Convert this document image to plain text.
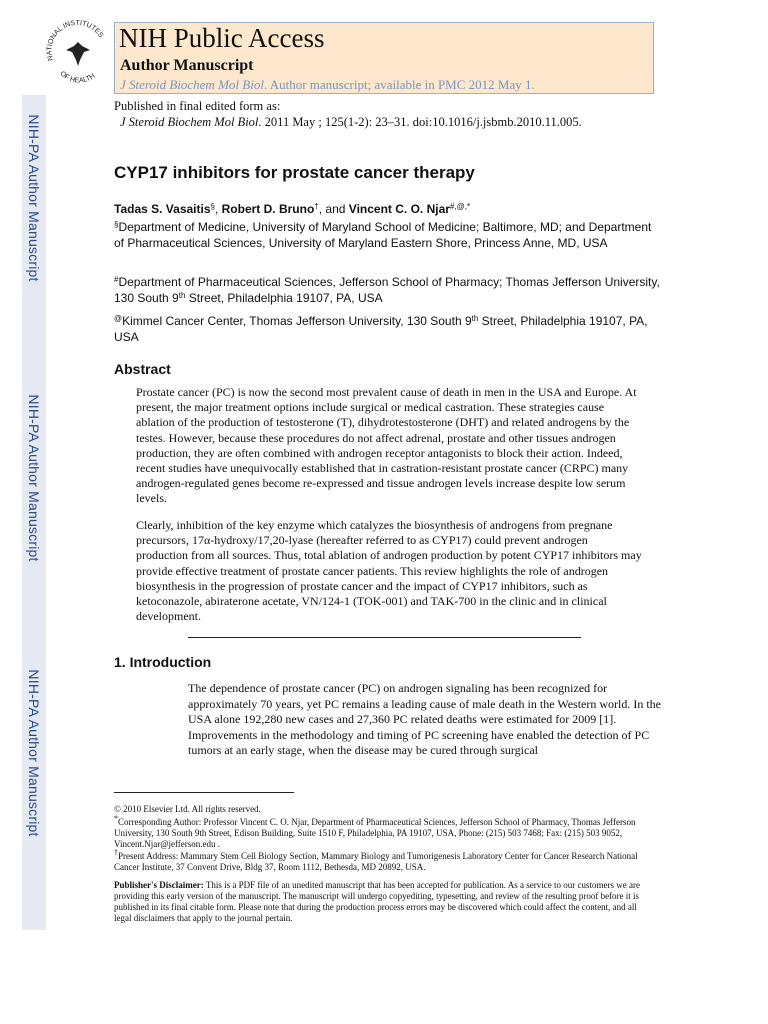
NIH-PA Author Manuscript
NIH-PA Author Manuscript
NIH-PA Author Manuscript
NATIONAL INSTITUTES
OF HEALTH
NIH Public Access
Author Manuscript
J Steroid Biochem Mol Biol. Author manuscript; available in PMC 2012 May 1.
Published in final edited form as:
J Steroid Biochem Mol Biol. 2011 May ; 125(1-2): 23–31. doi:10.1016/j.jsbmb.2010.11.005.
CYP17 inhibitors for prostate cancer therapy
Tadas S. Vasaitis§, Robert D. Bruno†, and Vincent C. O. Njar#,@,*
§Department of Medicine, University of Maryland School of Medicine; Baltimore, MD; and Department of Pharmaceutical Sciences, University of Maryland Eastern Shore, Princess Anne, MD, USA
#Department of Pharmaceutical Sciences, Jefferson School of Pharmacy; Thomas Jefferson University, 130 South 9th Street, Philadelphia 19107, PA, USA
@Kimmel Cancer Center, Thomas Jefferson University, 130 South 9th Street, Philadelphia 19107, PA, USA
Abstract

Prostate cancer (PC) is now the second most prevalent cause of death in men in the USA and Europe. At present, the major treatment options include surgical or medical castration. These strategies cause ablation of the production of testosterone (T), dihydrotestosterone (DHT) and related androgens by the testes. However, because these procedures do not affect adrenal, prostate and other tissues androgen production, they are often combined with androgen receptor antagonists to block their action. Indeed, recent studies have unequivocally established that in castration-resistant prostate cancer (CRPC) many androgen-regulated genes become re-expressed and tissue androgen levels increase despite low serum levels.

Clearly, inhibition of the key enzyme which catalyzes the biosynthesis of androgens from pregnane precursors, 17α-hydroxy/17,20-lyase (hereafter referred to as CYP17) could prevent androgen production from all sources. Thus, total ablation of androgen production by potent CYP17 inhibitors may provide effective treatment of prostate cancer patients. This review highlights the role of androgen biosynthesis in the progression of prostate cancer and the impact of CYP17 inhibitors, such as ketoconazole, abiraterone acetate, VN/124-1 (TOK-001) and TAK-700 in the clinic and in clinical development.

1. Introduction

The dependence of prostate cancer (PC) on androgen signaling has been recognized for approximately 70 years, yet PC remains a leading cause of male death in the Western world. In the USA alone 192,280 new cases and 27,360 PC related deaths were estimated for 2009 [1]. Improvements in the methodology and timing of PC screening have enabled the detection of PC tumors at an early stage, when the disease may be cured through surgical

© 2010 Elsevier Ltd. All rights reserved.

*Corresponding Author: Professor Vincent C. O. Njar, Department of Pharmaceutical Sciences, Jefferson School of Pharmacy, Thomas Jefferson University, 130 South 9th Street, Edison Building, Suite 1510 F, Philadelphia, PA 19107, USA, Phone: (215) 503 7468; Fax: (215) 503 9052, Vincent.Njar@jefferson.edu .

†Present Address: Mammary Stem Cell Biology Section, Mammary Biology and Tumorigenesis Laboratory Center for Cancer Research National Cancer Institute, 37 Convent Drive, Bldg 37, Room 1112, Bethesda, MD 20892, USA.

Publisher's Disclaimer: This is a PDF file of an unedited manuscript that has been accepted for publication. As a service to our customers we are providing this early version of the manuscript. The manuscript will undergo copyediting, typesetting, and review of the resulting proof before it is published in its final citable form. Please note that during the production process errors may be discovered which could affect the content, and all legal disclaimers that apply to the journal pertain.
